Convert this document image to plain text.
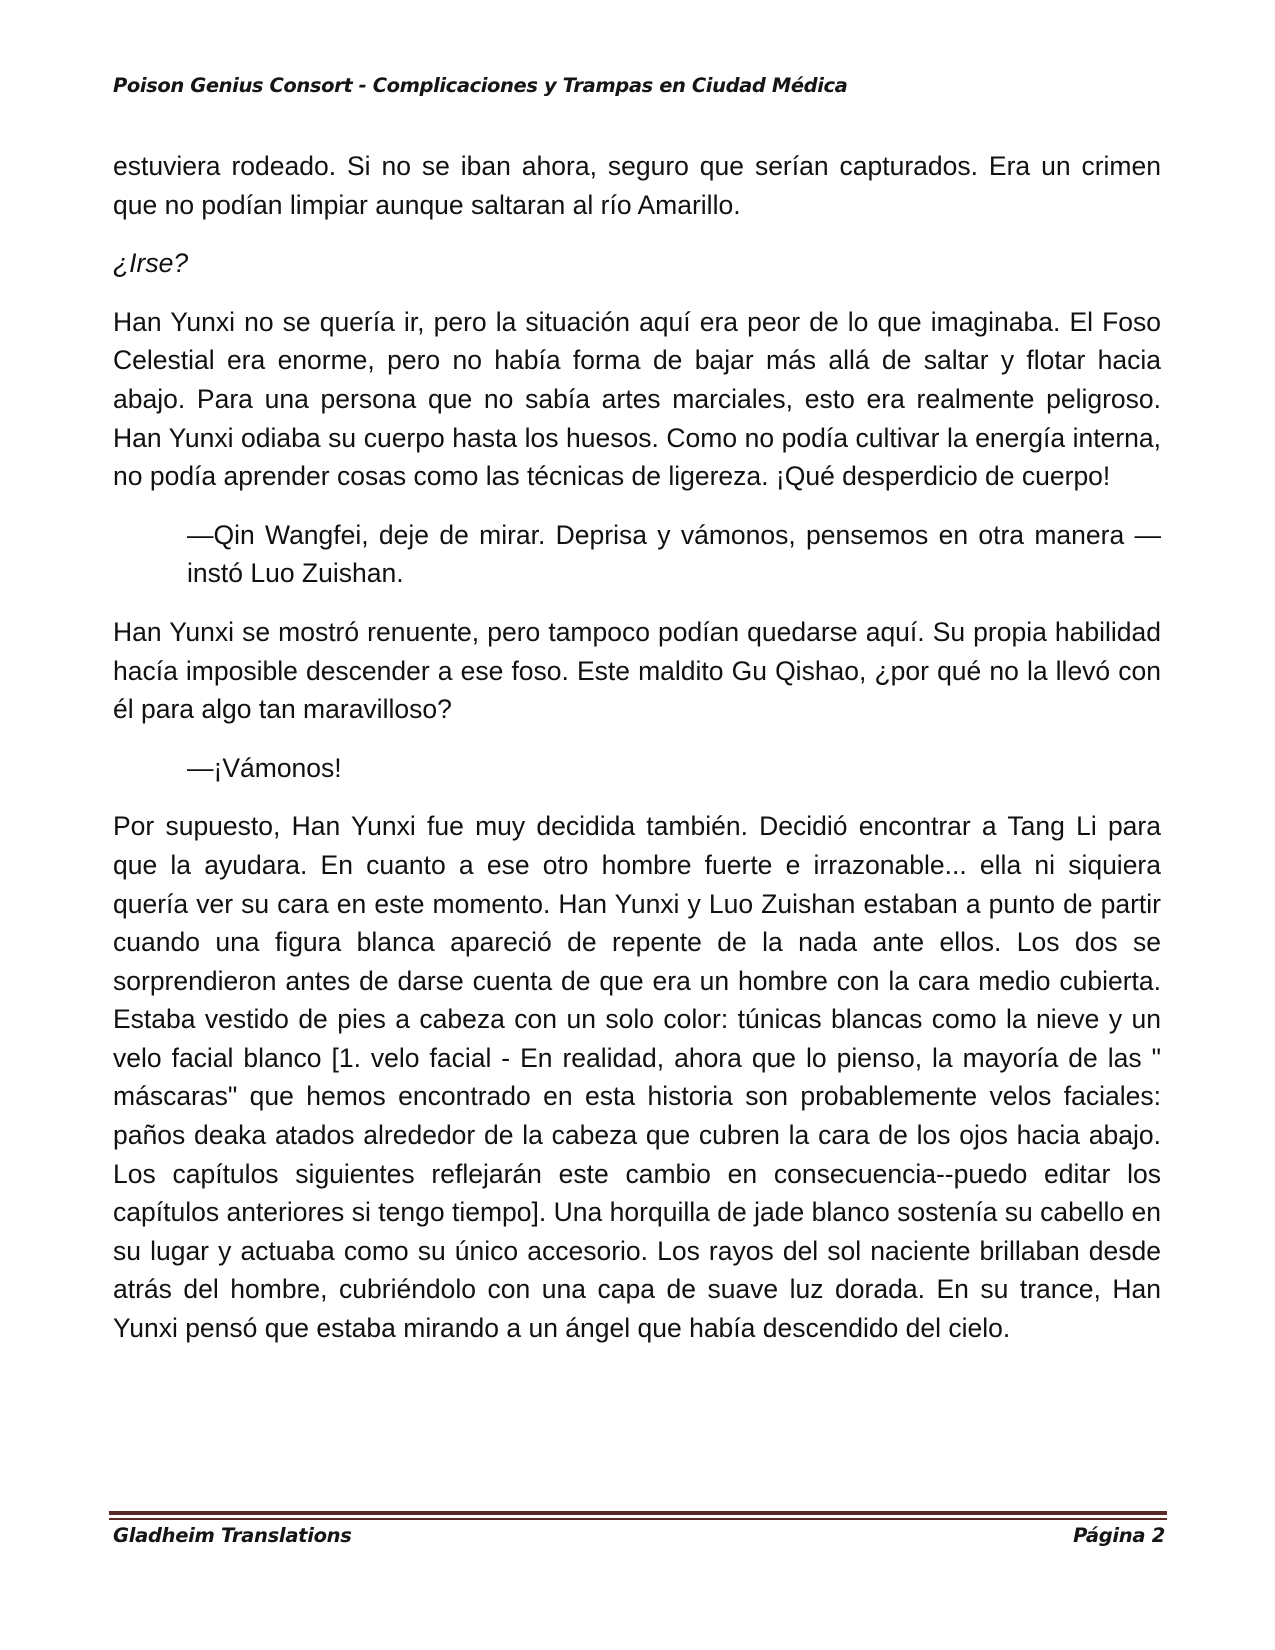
Poison Genius Consort - Complicaciones y Trampas en Ciudad Médica

estuviera rodeado. Si no se iban ahora, seguro que serían capturados. Era un crimen que no podían limpiar aunque saltaran al río Amarillo.

¿Irse?

Han Yunxi no se quería ir, pero la situación aquí era peor de lo que imaginaba. El Foso Celestial era enorme, pero no había forma de bajar más allá de saltar y flotar hacia abajo. Para una persona que no sabía artes marciales, esto era realmente peligroso. Han Yunxi odiaba su cuerpo hasta los huesos. Como no podía cultivar la energía interna, no podía aprender cosas como las técnicas de ligereza. ¡Qué desperdicio de cuerpo!

—Qin Wangfei, deje de mirar. Deprisa y vámonos, pensemos en otra manera —instó Luo Zuishan.

Han Yunxi se mostró renuente, pero tampoco podían quedarse aquí. Su propia habilidad hacía imposible descender a ese foso. Este maldito Gu Qishao, ¿por qué no la llevó con él para algo tan maravilloso?

—¡Vámonos!

Por supuesto, Han Yunxi fue muy decidida también. Decidió encontrar a Tang Li para que la ayudara. En cuanto a ese otro hombre fuerte e irrazonable... ella ni siquiera quería ver su cara en este momento. Han Yunxi y Luo Zuishan estaban a punto de partir cuando una figura blanca apareció de repente de la nada ante ellos. Los dos se sorprendieron antes de darse cuenta de que era un hombre con la cara medio cubierta. Estaba vestido de pies a cabeza con un solo color: túnicas blancas como la nieve y un velo facial blanco [1. velo facial - En realidad, ahora que lo pienso, la mayoría de las " máscaras" que hemos encontrado en esta historia son probablemente velos faciales: paños deaka atados alrededor de la cabeza que cubren la cara de los ojos hacia abajo. Los capítulos siguientes reflejarán este cambio en consecuencia--puedo editar los capítulos anteriores si tengo tiempo]. Una horquilla de jade blanco sostenía su cabello en su lugar y actuaba como su único accesorio. Los rayos del sol naciente brillaban desde atrás del hombre, cubriéndolo con una capa de suave luz dorada. En su trance, Han Yunxi pensó que estaba mirando a un ángel que había descendido del cielo.

Gladheim Translations	Página 2
